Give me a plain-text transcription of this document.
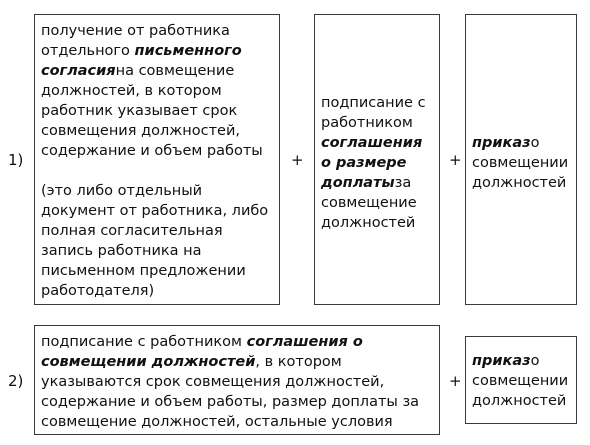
1)
получение от работника отдельного письменного согласияна совмещение должностей, в котором работник указывает срок совмещения должностей, содержание и объем работы
(это либо отдельный документ от работника, либо полная согласительная запись работника на письменном предложении работодателя)
+
подписание с работником соглашения о размере доплатыза совмещение должностей
+
приказо совмещении должностей
2)
подписание с работником соглашения о совмещении должностей, в котором указываются срок совмещения должностей, содержание и объем работы, размер доплаты за совмещение должностей, остальные условия
+
приказо совмещении должностей
